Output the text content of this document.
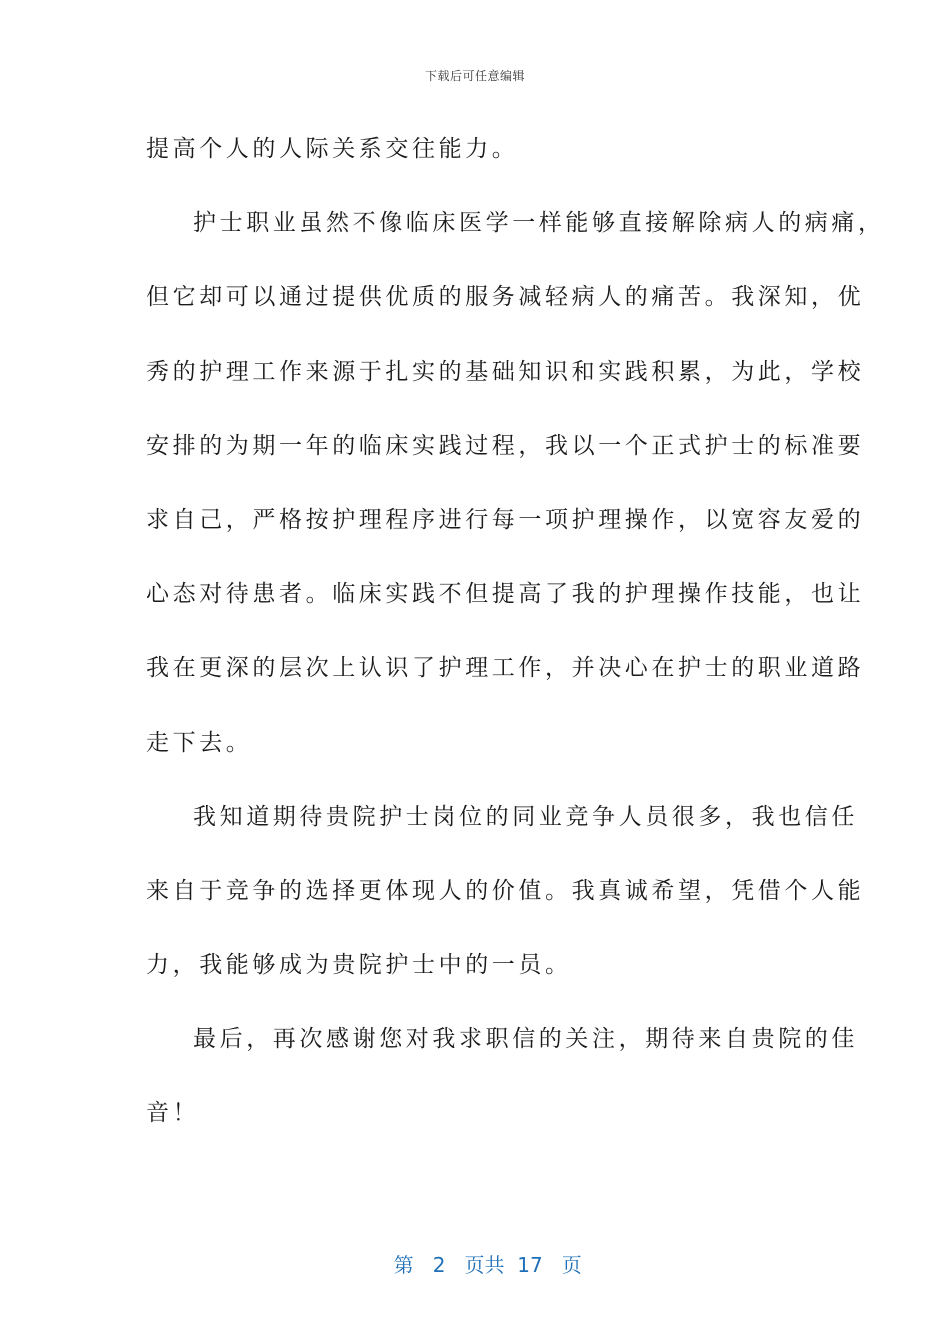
下载后可任意编辑
提高个人的人际关系交往能力。
护士职业虽然不像临床医学一样能够直接解除病人的病痛，
但它却可以通过提供优质的服务减轻病人的痛苦。我深知，优
秀的护理工作来源于扎实的基础知识和实践积累，为此，学校
安排的为期一年的临床实践过程，我以一个正式护士的标准要
求自己，严格按护理程序进行每一项护理操作，以宽容友爱的
心态对待患者。临床实践不但提高了我的护理操作技能，也让
我在更深的层次上认识了护理工作，并决心在护士的职业道路
走下去。
我知道期待贵院护士岗位的同业竞争人员很多，我也信任
来自于竞争的选择更体现人的价值。我真诚希望，凭借个人能
力，我能够成为贵院护士中的一员。
最后，再次感谢您对我求职信的关注，期待来自贵院的佳
音！

第 2 页共 17 页
